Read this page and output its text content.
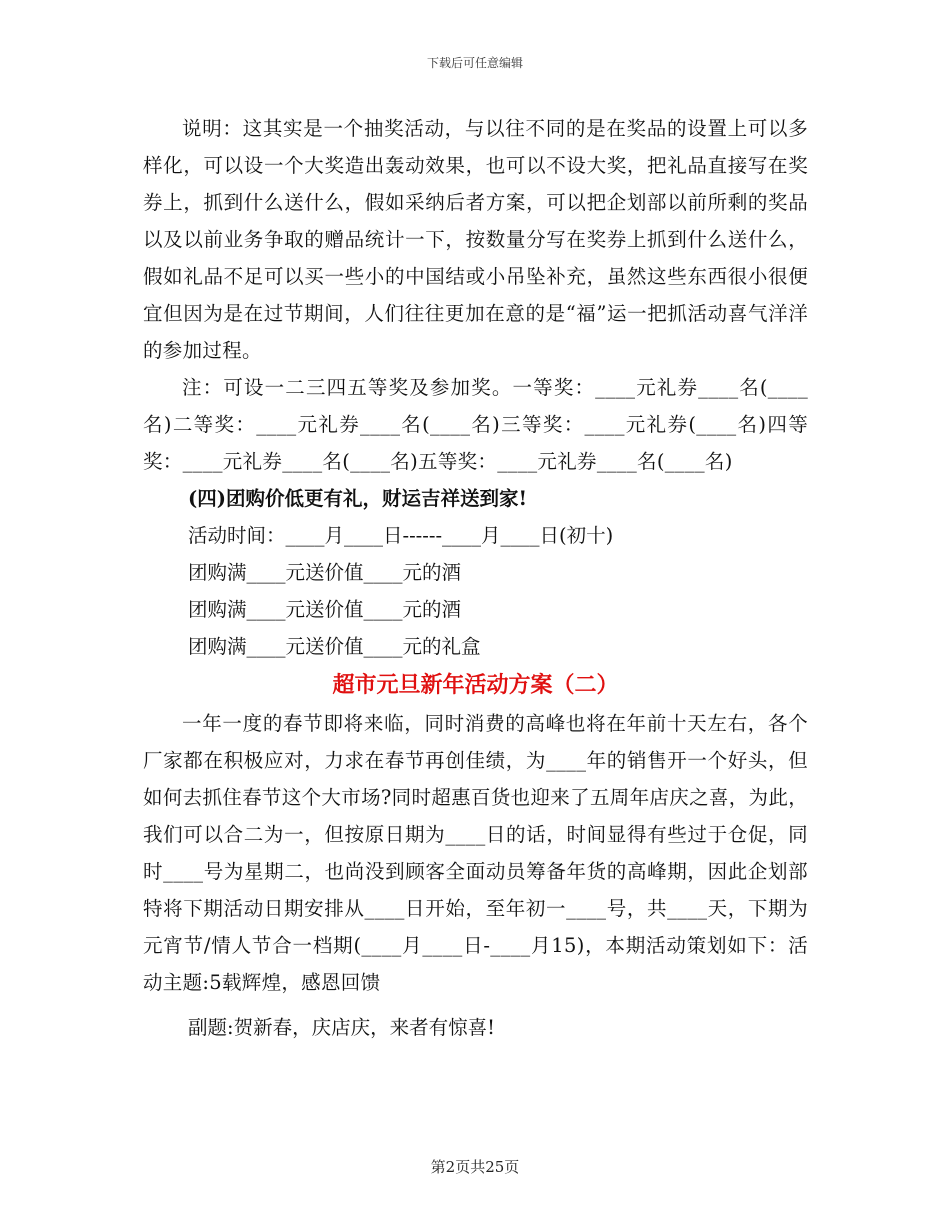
下载后可任意编辑

说明：这其实是一个抽奖活动，与以往不同的是在奖品的设置上可以多样化，可以设一个大奖造出轰动效果，也可以不设大奖，把礼品直接写在奖券上，抓到什么送什么，假如采纳后者方案，可以把企划部以前所剩的奖品以及以前业务争取的赠品统计一下，按数量分写在奖券上抓到什么送什么，假如礼品不足可以买一些小的中国结或小吊坠补充，虽然这些东西很小很便宜但因为是在过节期间，人们往往更加在意的是“福”运一把抓活动喜气洋洋的参加过程。

注：可设一二三四五等奖及参加奖。一等奖：____元礼券____名(____名)二等奖：____元礼券____名(____名)三等奖：____元礼券(____名)四等奖：____元礼券____名(____名)五等奖：____元礼券____名(____名)

(四)团购价低更有礼，财运吉祥送到家!

活动时间：____月____日------____月____日(初十)

团购满____元送价值____元的酒

团购满____元送价值____元的酒

团购满____元送价值____元的礼盒

超市元旦新年活动方案（二）

一年一度的春节即将来临，同时消费的高峰也将在年前十天左右，各个厂家都在积极应对，力求在春节再创佳绩，为____年的销售开一个好头，但如何去抓住春节这个大市场?同时超惠百货也迎来了五周年店庆之喜，为此，我们可以合二为一，但按原日期为____日的话，时间显得有些过于仓促，同时____号为星期二，也尚没到顾客全面动员筹备年货的高峰期，因此企划部特将下期活动日期安排从____日开始，至年初一____号，共____天，下期为元宵节/情人节合一档期(____月____日-____月15)，本期活动策划如下：活动主题:5载辉煌，感恩回馈

副题:贺新春，庆店庆，来者有惊喜!

第2页共25页
